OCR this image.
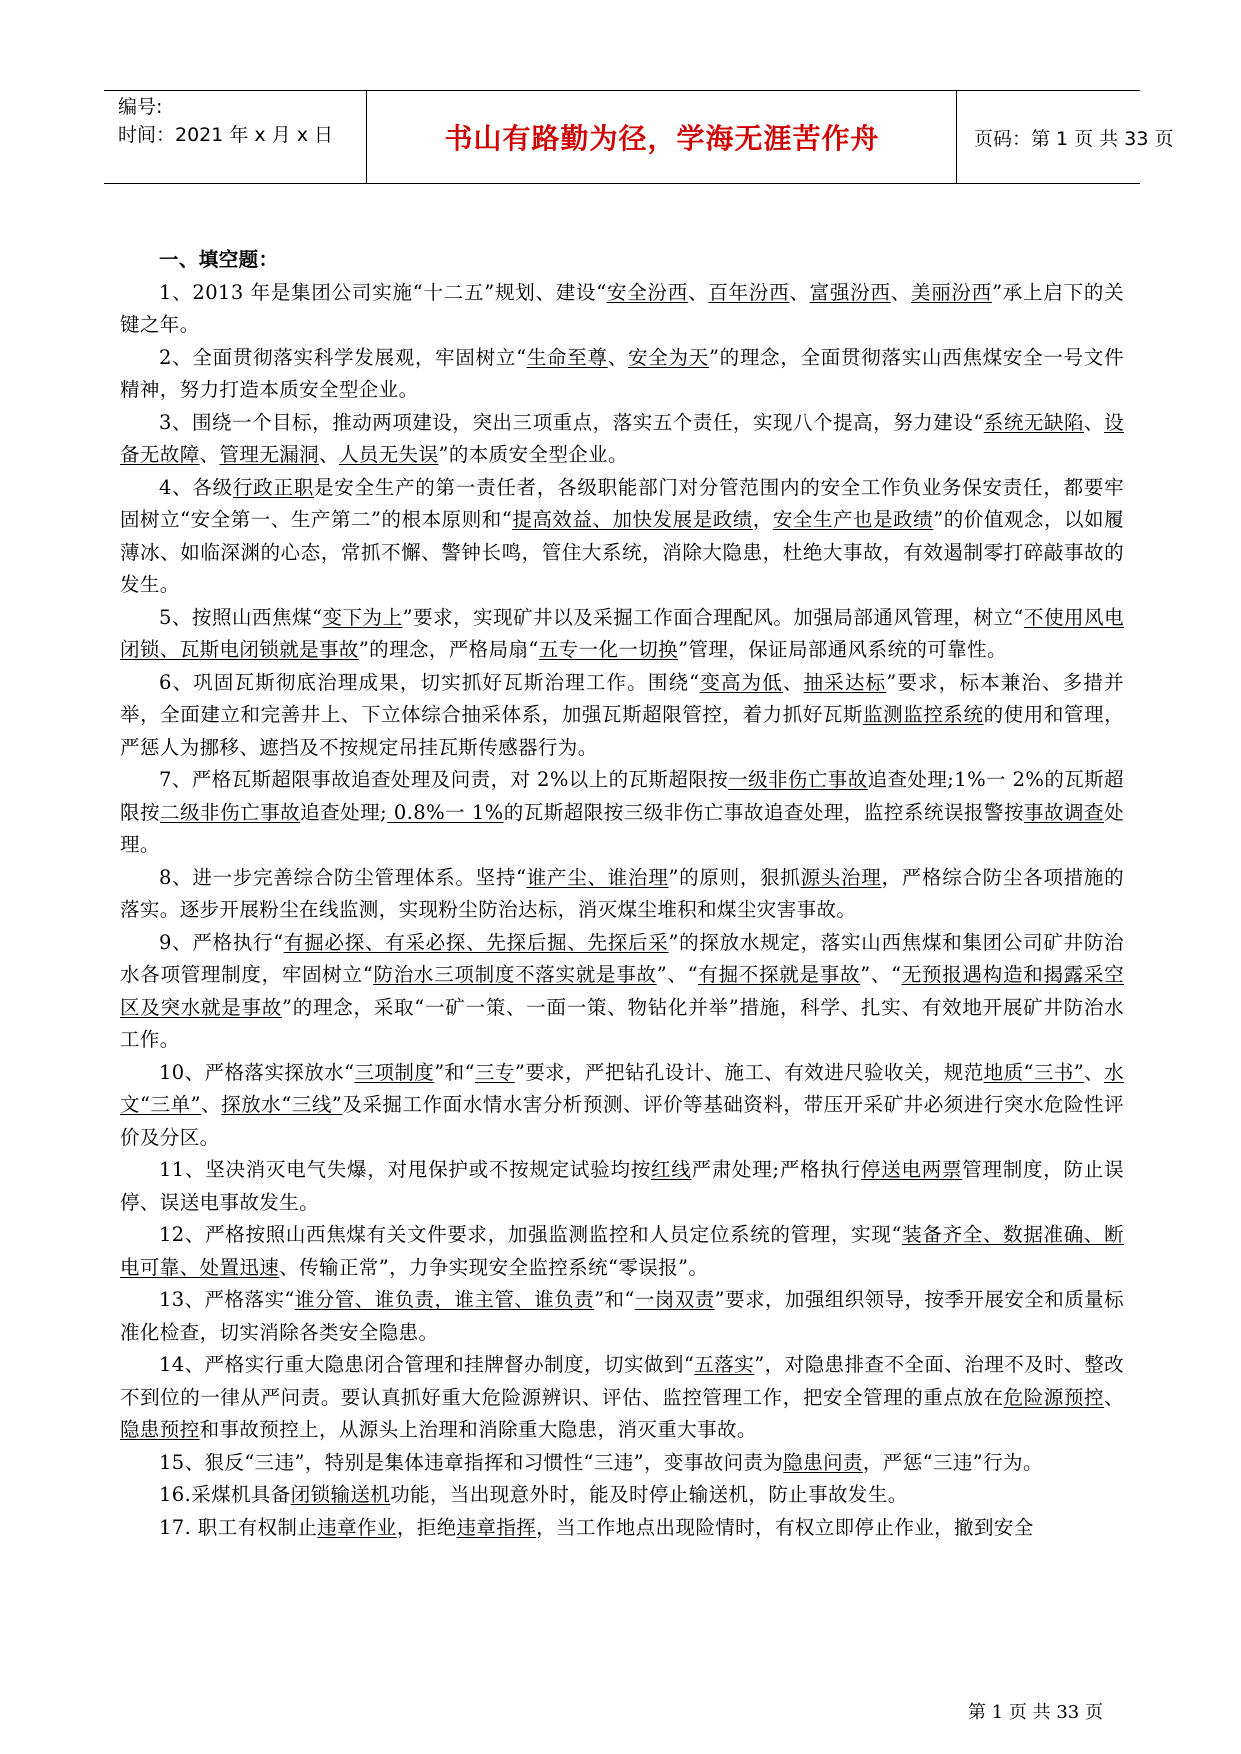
编号:
时间：2021 年 x 月 x 日	书山有路勤为径，学海无涯苦作舟	页码：第 1 页 共 33 页

一、填空题：

1、2013 年是集团公司实施“十二五”规划、建设“安全汾西、百年汾西、富强汾西、美丽汾西”承上启下的关键之年。

2、全面贯彻落实科学发展观，牢固树立“生命至尊、安全为天”的理念，全面贯彻落实山西焦煤安全一号文件精神，努力打造本质安全型企业。

3、围绕一个目标，推动两项建设，突出三项重点，落实五个责任，实现八个提高，努力建设“系统无缺陷、设备无故障、管理无漏洞、人员无失误”的本质安全型企业。

4、各级行政正职是安全生产的第一责任者，各级职能部门对分管范围内的安全工作负业务保安责任，都要牢固树立“安全第一、生产第二”的根本原则和“提高效益、加快发展是政绩，安全生产也是政绩”的价值观念，以如履薄冰、如临深渊的心态，常抓不懈、警钟长鸣，管住大系统，消除大隐患，杜绝大事故，有效遏制零打碎敲事故的发生。

5、按照山西焦煤“变下为上”要求，实现矿井以及采掘工作面合理配风。加强局部通风管理，树立“不使用风电闭锁、瓦斯电闭锁就是事故”的理念，严格局扇“五专一化一切换”管理，保证局部通风系统的可靠性。

6、巩固瓦斯彻底治理成果，切实抓好瓦斯治理工作。围绕“变高为低、抽采达标”要求，标本兼治、多措并举，全面建立和完善井上、下立体综合抽采体系，加强瓦斯超限管控，着力抓好瓦斯监测监控系统的使用和管理，严惩人为挪移、遮挡及不按规定吊挂瓦斯传感器行为。

7、严格瓦斯超限事故追查处理及问责，对 2%以上的瓦斯超限按一级非伤亡事故追查处理;1%一 2%的瓦斯超限按二级非伤亡事故追查处理; 0.8%一 1%的瓦斯超限按三级非伤亡事故追查处理，监控系统误报警按事故调查处理。

8、进一步完善综合防尘管理体系。坚持“谁产尘、谁治理”的原则，狠抓源头治理，严格综合防尘各项措施的落实。逐步开展粉尘在线监测，实现粉尘防治达标，消灭煤尘堆积和煤尘灾害事故。

9、严格执行“有掘必探、有采必探、先探后掘、先探后采”的探放水规定，落实山西焦煤和集团公司矿井防治水各项管理制度，牢固树立“防治水三项制度不落实就是事故”、“有掘不探就是事故”、“无预报遇构造和揭露采空区及突水就是事故”的理念，采取“一矿一策、一面一策、物钻化并举”措施，科学、扎实、有效地开展矿井防治水工作。

10、严格落实探放水“三项制度”和“三专”要求，严把钻孔设计、施工、有效进尺验收关，规范地质“三书”、水文“三单”、探放水“三线”及采掘工作面水情水害分析预测、评价等基础资料，带压开采矿井必须进行突水危险性评价及分区。

11、坚决消灭电气失爆，对甩保护或不按规定试验均按红线严肃处理;严格执行停送电两票管理制度，防止误停、误送电事故发生。

12、严格按照山西焦煤有关文件要求，加强监测监控和人员定位系统的管理，实现“装备齐全、数据准确、断电可靠、处置迅速、传输正常”，力争实现安全监控系统“零误报”。

13、严格落实“谁分管、谁负责，谁主管、谁负责”和“一岗双责”要求，加强组织领导，按季开展安全和质量标准化检查，切实消除各类安全隐患。

14、严格实行重大隐患闭合管理和挂牌督办制度，切实做到“五落实”，对隐患排查不全面、治理不及时、整改不到位的一律从严问责。要认真抓好重大危险源辨识、评估、监控管理工作，把安全管理的重点放在危险源预控、隐患预控和事故预控上，从源头上治理和消除重大隐患，消灭重大事故。

15、狠反“三违”，特别是集体违章指挥和习惯性“三违”，变事故问责为隐患问责，严惩“三违”行为。

16.采煤机具备闭锁输送机功能，当出现意外时，能及时停止输送机，防止事故发生。

17. 职工有权制止违章作业，拒绝违章指挥，当工作地点出现险情时，有权立即停止作业，撤到安全

第 1 页 共 33 页
